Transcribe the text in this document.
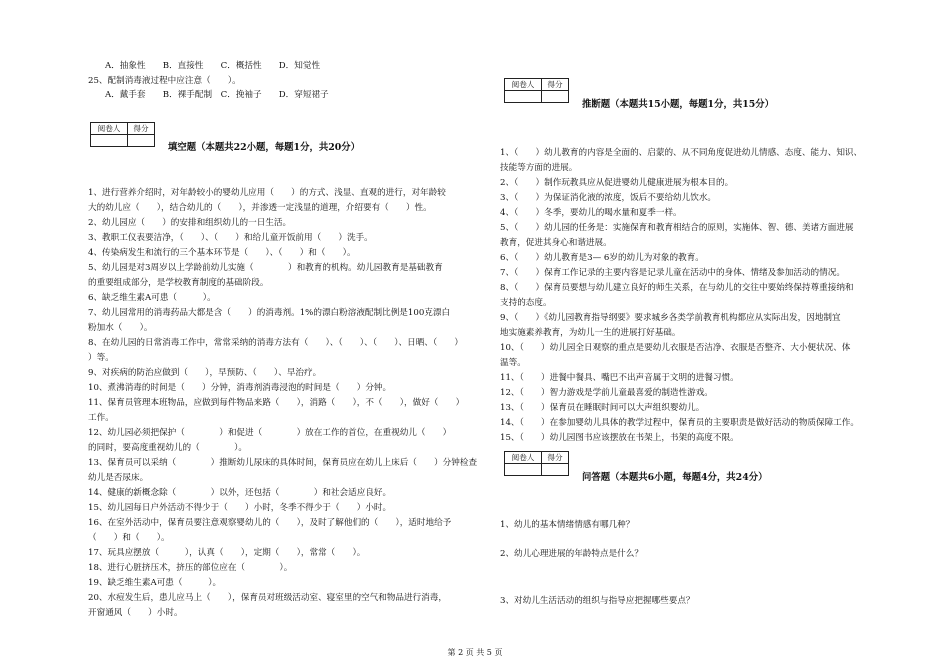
A．抽象性　　B．直接性　　C．概括性　　D．知觉性
25、配制消毒液过程中应注意（　　）。
A．戴手套　　B．裸手配制　C．挽袖子　　D．穿短裙子
阅卷人	得分

填空题（本题共22小题，每题1分，共20分）
1、进行营养介绍时，对年龄较小的婴幼儿应用（　　）的方式、浅显、直观的进行，对年龄较
大的幼儿应（　　），结合幼儿的（　　），并渗透一定浅显的道理，介绍要有（　　）性。
2、幼儿园应（　　）的安排和组织幼儿的一日生活。
3、教职工仪表要洁净，（　　）、（　　）和给儿童开饭前用（　　）洗手。
4、传染病发生和流行的三个基本环节是（　　）、（　　）和（　　）。
5、幼儿园是对3周岁以上学龄前幼儿实施（　　　　）和教育的机构。幼儿园教育是基础教育
的重要组成部分，是学校教育制度的基础阶段。
6、缺乏维生素A可患（　　　）。
7、幼儿园常用的消毒药品大都是含（　　）的消毒剂。1%的漂白粉溶液配制比例是100克漂白
粉加水（　　）。
8、在幼儿园的日常消毒工作中，常常采纳的消毒方法有（　　）、（　　）、（　　）、日晒、（　　）
）等。
9、对疾病的防治应做到（　　），早预防、（　　）、早治疗。
10、煮沸消毒的时间是（　　）分钟，消毒剂消毒浸泡的时间是（　　）分钟。
11、保育员管理本班物品，应做到每件物品来路（　　），消路（　　），不（　　），做好（　　）
工作。
12、幼儿园必须把保护（　　　　）和促进（　　　　）放在工作的首位，在重视幼儿（　　）
的同时，要高度重视幼儿的（　　　　）。
13、保育员可以采纳（　　　　）推断幼儿尿床的具体时间，保育员应在幼儿上床后（　　）分钟检查
幼儿是否尿床。
14、健康的新概念除（　　　　）以外，还包括（　　　　）和社会适应良好。
15、幼儿园每日户外活动不得少于（　　）小时，冬季不得少于（　　）小时。
16、在室外活动中，保育员要注意观察婴幼儿的（　　），及时了解他们的（　　），适时地给予
（　　）和（　　）。
17、玩具应摆放（　　　），认真（　　），定期（　　），常常（　　）。
18、进行心脏挤压术，挤压的部位应在（　　　　）。
19、缺乏维生素A可患（　　　）。
20、水痘发生后，患儿应马上（　　），保育员对班级活动室、寝室里的空气和物品进行消毒，
开窗通风（　　）小时。
阅卷人	得分

推断题（本题共15小题，每题1分，共15分）
1、（　　）幼儿教育的内容是全面的、启蒙的、从不同角度促进幼儿情感、态度、能力、知识、
技能等方面的进展。
2、（　　）制作玩教具应从促进婴幼儿健康进展为根本目的。
3、（　　）为保证消化液的浓度，饭后不要给幼儿饮水。
4、（　　）冬季，要幼儿的喝水量和夏季一样。
5、（　　）幼儿园的任务是：实施保育和教育相结合的原则，实施体、智、德、美诸方面进展
教育，促进其身心和谐进展。
6、（　　）幼儿教育是3— 6岁的幼儿为对象的教育。
7、（　　）保育工作记录的主要内容是记录儿童在活动中的身体、情绪及参加活动的情况。
8、（　　）保育员要想与幼儿建立良好的师生关系，在与幼儿的交往中要始终保持尊重接纳和
支持的态度。
9、（　　）《幼儿园教育指导纲要》要求城乡各类学前教育机构都应从实际出发，因地制宜
地实施素养教育，为幼儿一生的进展打好基础。
10、（　　）幼儿园全日观察的重点是要幼儿衣服是否洁净、衣服是否整齐、大小便状况、体
温等。
11、（　　）进餐中餐具、嘴巴不出声音属于文明的进餐习惯。
12、（　　）智力游戏是学前儿童最喜爱的制造性游戏。
13、（　　）保育员在睡眠时间可以大声组织婴幼儿。
14、（　　）在参加婴幼儿具体的教学过程中，保育员的主要职责是做好活动的物质保障工作。
15、（　　）幼儿园图书应该摆放在书架上，书架的高度不限。
阅卷人	得分

问答题（本题共6小题，每题4分，共24分）
1、幼儿的基本情绪情感有哪几种？
2、幼儿心理进展的年龄特点是什么？
3、对幼儿生活活动的组织与指导应把握哪些要点？
第 2 页 共 5 页
